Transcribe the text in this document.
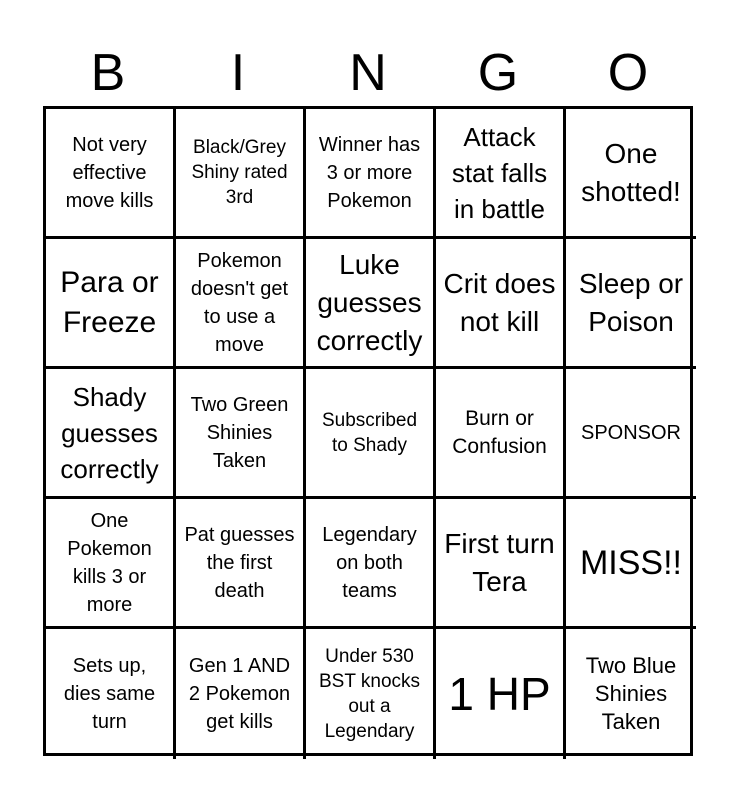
B	I	N	G	O
Not very effective move kills
Black/Grey Shiny rated 3rd
Winner has 3 or more Pokemon
Attack stat falls in battle
One shotted!
Para or Freeze
Pokemon doesn't get to use a move
Luke guesses correctly
Crit does not kill
Sleep or Poison
Shady guesses correctly
Two Green Shinies Taken
Subscribed to Shady
Burn or Confusion
SPONSOR
One Pokemon kills 3 or more
Pat guesses the first death
Legendary on both teams
First turn Tera	MISS!!
Sets up, dies same turn
Gen 1 AND 2 Pokemon get kills
Under 530 BST knocks out a Legendary
1 HP
Two Blue Shinies Taken
